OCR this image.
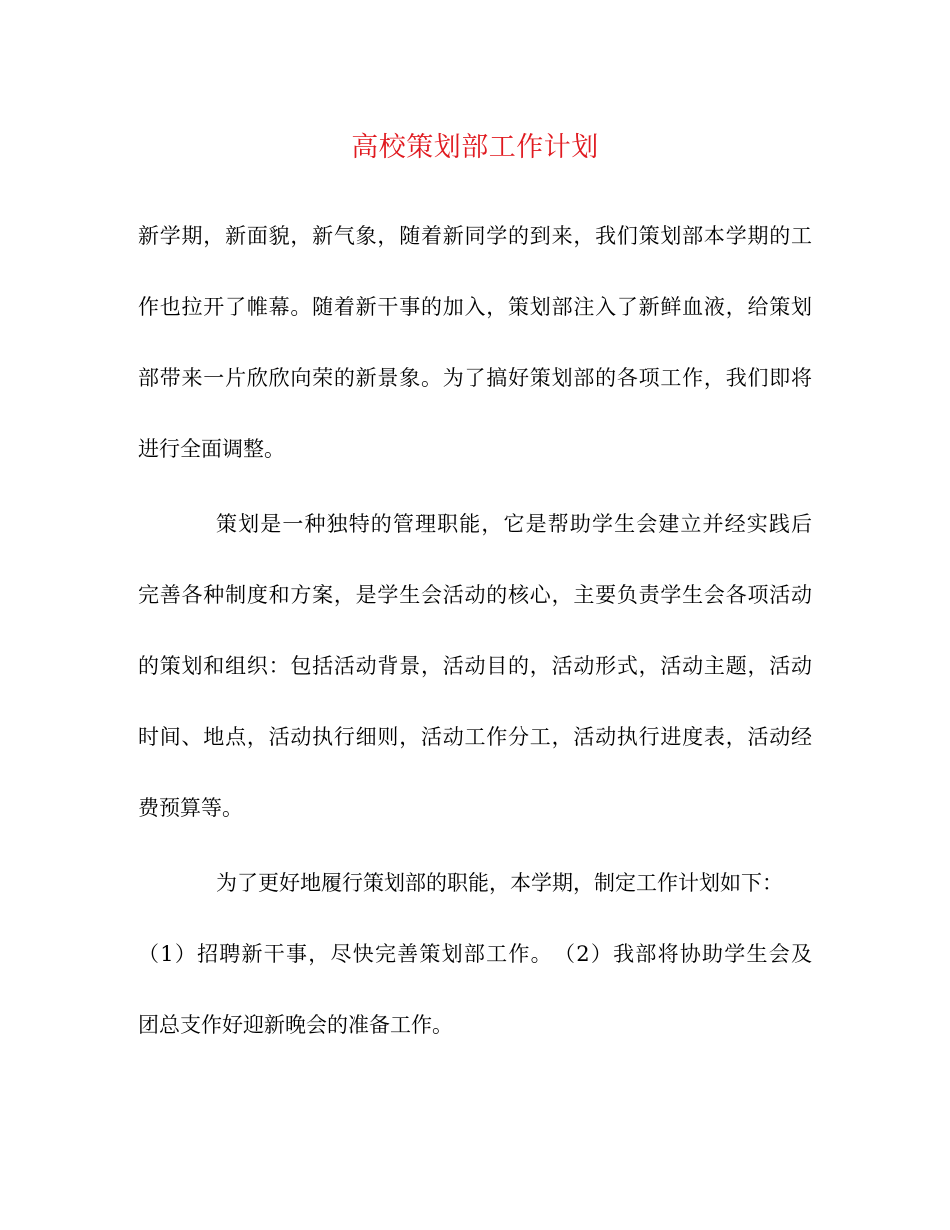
高校策划部工作计划
新学期，新面貌，新气象，随着新同学的到来，我们策划部本学期的工
作也拉开了帷幕。随着新干事的加入，策划部注入了新鲜血液，给策划
部带来一片欣欣向荣的新景象。为了搞好策划部的各项工作，我们即将
进行全面调整。
策划是一种独特的管理职能，它是帮助学生会建立并经实践后
完善各种制度和方案，是学生会活动的核心，主要负责学生会各项活动
的策划和组织：包括活动背景，活动目的，活动形式，活动主题，活动
时间、地点，活动执行细则，活动工作分工，活动执行进度表，活动经
费预算等。
为了更好地履行策划部的职能，本学期，制定工作计划如下：
（1）招聘新干事，尽快完善策划部工作。　（2）我部将协助学生会及
团总支作好迎新晚会的准备工作。
